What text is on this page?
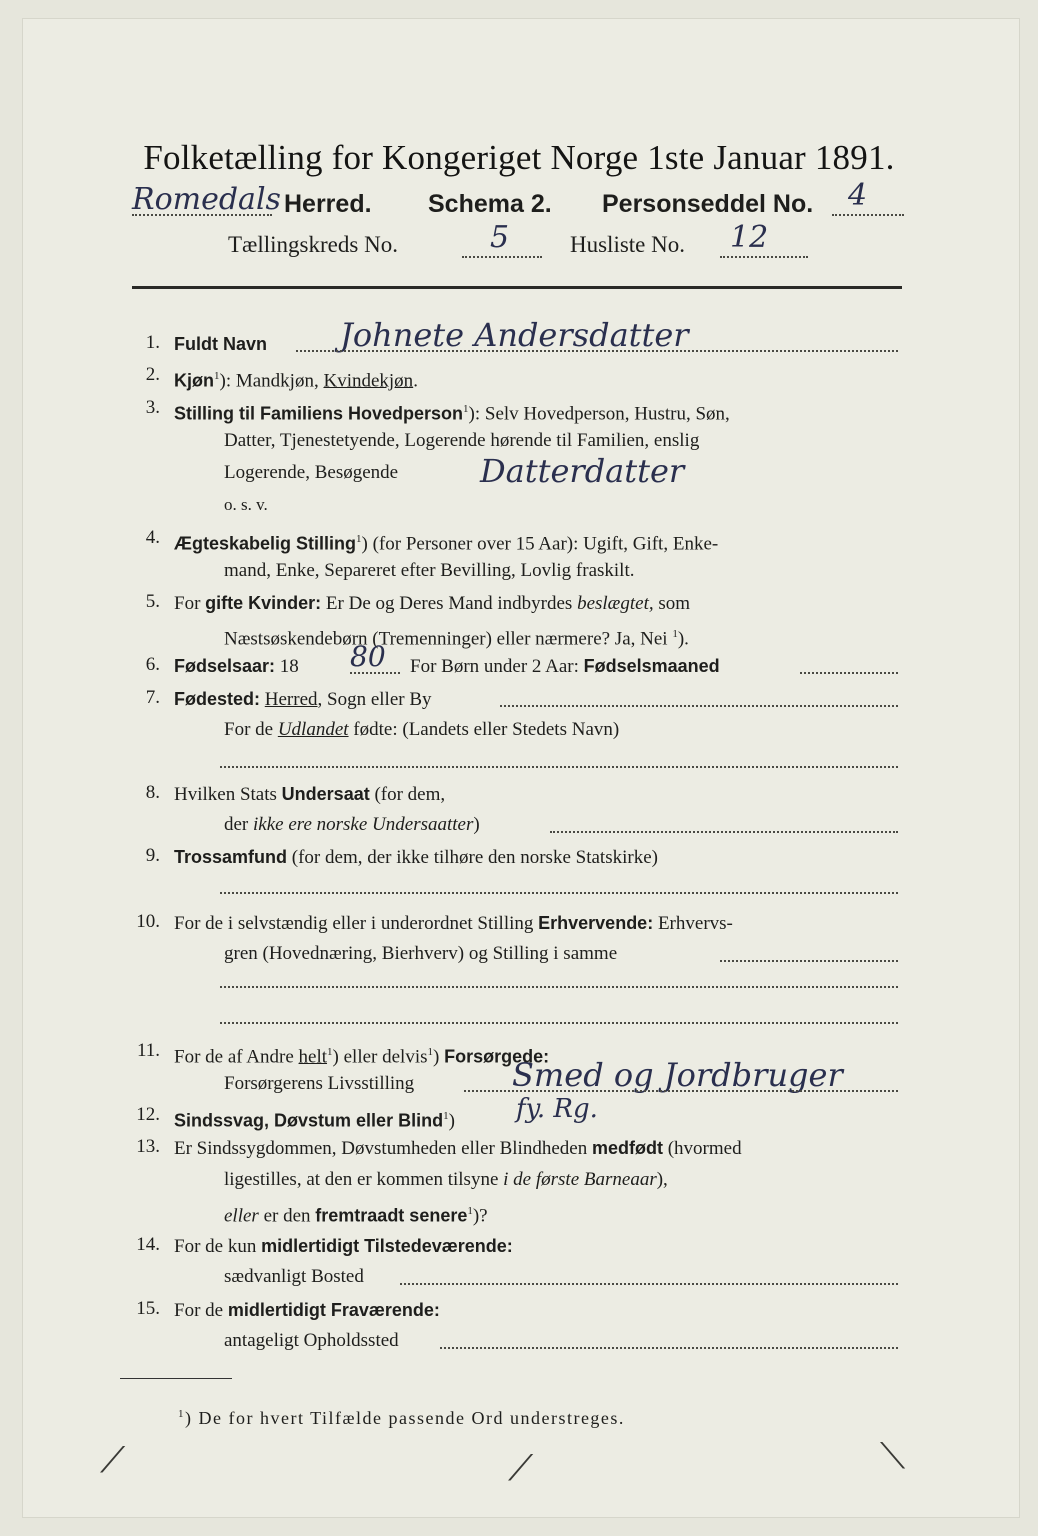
Folketælling for Kongeriget Norge 1ste Januar 1891.
Romedals Herred. Schema 2. Personseddel No. 4
Tællingskreds No.	5	Husliste No. 12
1. Fuldt Navn Johnete Andersdatter
2. Kjøn$^1$): Mandkjøn, Kvindekjøn.
3. Stilling til Familiens Hovedperson$^1$): Selv Hovedperson, Hustru, Søn,
Datter, Tjenestetyende, Logerende hørende til Familien, enslig
Logerende, Besøgende	Datterdatter
o. s. v.
4. Ægteskabelig Stilling$^1$) (for Personer over 15 Aar): Ugift, Gift, Enke-
mand, Enke, Separeret efter Bevilling, Lovlig fraskilt.
5. For gifte Kvinder: Er De og Deres Mand indbyrdes beslægtet, som
Næstsøskendebørn (Tremenninger) eller nærmere? Ja, Nei $^1$).
6. Fødselsaar: 18 80 For Børn under 2 Aar: Fødselsmaaned
7. Fødested: Herred, Sogn eller By
For de Udlandet fødte: (Landets eller Stedets Navn)
8. Hvilken Stats Undersaat (for dem,
der ikke ere norske Undersaatter)
9. Trossamfund (for dem, der ikke tilhøre den norske Statskirke)
10. For de i selvstændig eller i underordnet Stilling Erhvervende: Erhvervs-
gren (Hovednæring, Bierhverv) og Stilling i samme
11. For de af Andre helt$^1$) eller delvis$^1$) Forsørgede:
Forsørgerens Livsstilling	Smed og Jordbruger
12. Sindssvag, Døvstum eller Blind$^1$) fy. Rg.
13. Er Sindssygdommen, Døvstumheden eller Blindheden medfødt (hvormed
ligestilles, at den er kommen tilsyne i de første Barneaar),
eller er den fremtraadt senere$^1$)?
14. For de kun midlertidigt Tilstedeværende:
sædvanligt Bosted
15. For de midlertidigt Fraværende:
antageligt Opholdssted
$^1$) De for hvert Tilfælde passende Ord understreges.
⟋	⟋	⟍
